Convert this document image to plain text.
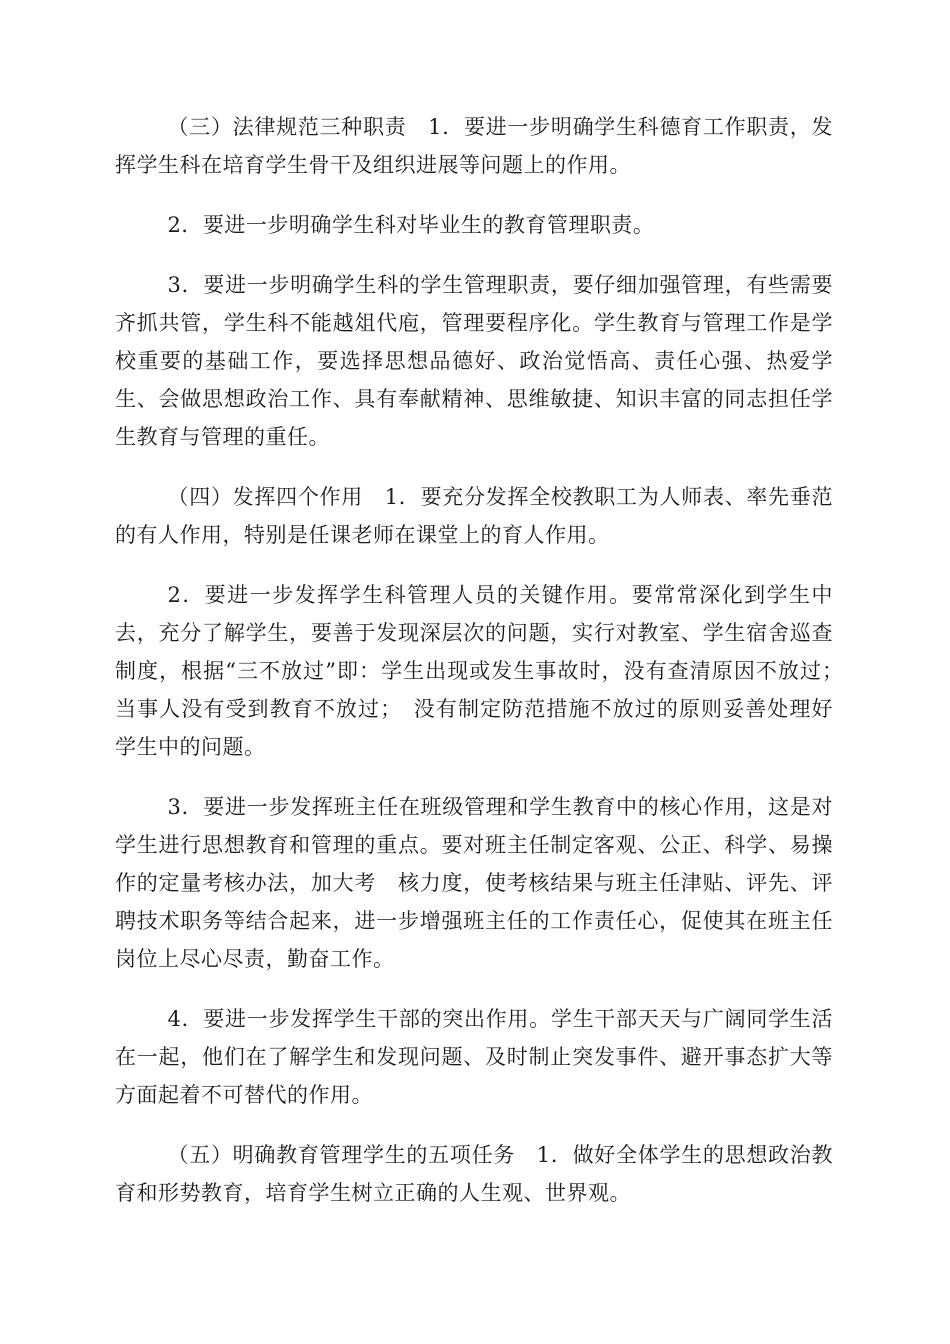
（三）法律规范三种职责　1．要进一步明确学生科德育工作职责，发挥学生科在培育学生骨干及组织进展等问题上的作用。

2．要进一步明确学生科对毕业生的教育管理职责。

3．要进一步明确学生科的学生管理职责，要仔细加强管理，有些需要齐抓共管，学生科不能越俎代庖，管理要程序化。学生教育与管理工作是学校重要的基础工作，要选择思想品德好、政治觉悟高、责任心强、热爱学生、会做思想政治工作、具有奉献精神、思维敏捷、知识丰富的同志担任学生教育与管理的重任。

（四）发挥四个作用　1．要充分发挥全校教职工为人师表、率先垂范的有人作用，特别是任课老师在课堂上的育人作用。

2．要进一步发挥学生科管理人员的关键作用。要常常深化到学生中去，充分了解学生，要善于发现深层次的问题，实行对教室、学生宿舍巡查制度，根据“三不放过”即：学生出现或发生事故时，没有查清原因不放过；　当事人没有受到教育不放过；　没有制定防范措施不放过的原则妥善处理好学生中的问题。

3．要进一步发挥班主任在班级管理和学生教育中的核心作用，这是对学生进行思想教育和管理的重点。要对班主任制定客观、公正、科学、易操作的定量考核办法，加大考　核力度，使考核结果与班主任津贴、评先、评聘技术职务等结合起来，进一步增强班主任的工作责任心，促使其在班主任岗位上尽心尽责，勤奋工作。

4．要进一步发挥学生干部的突出作用。学生干部天天与广阔同学生活在一起，他们在了解学生和发现问题、及时制止突发事件、避开事态扩大等方面起着不可替代的作用。

（五）明确教育管理学生的五项任务　1．做好全体学生的思想政治教育和形势教育，培育学生树立正确的人生观、世界观。
